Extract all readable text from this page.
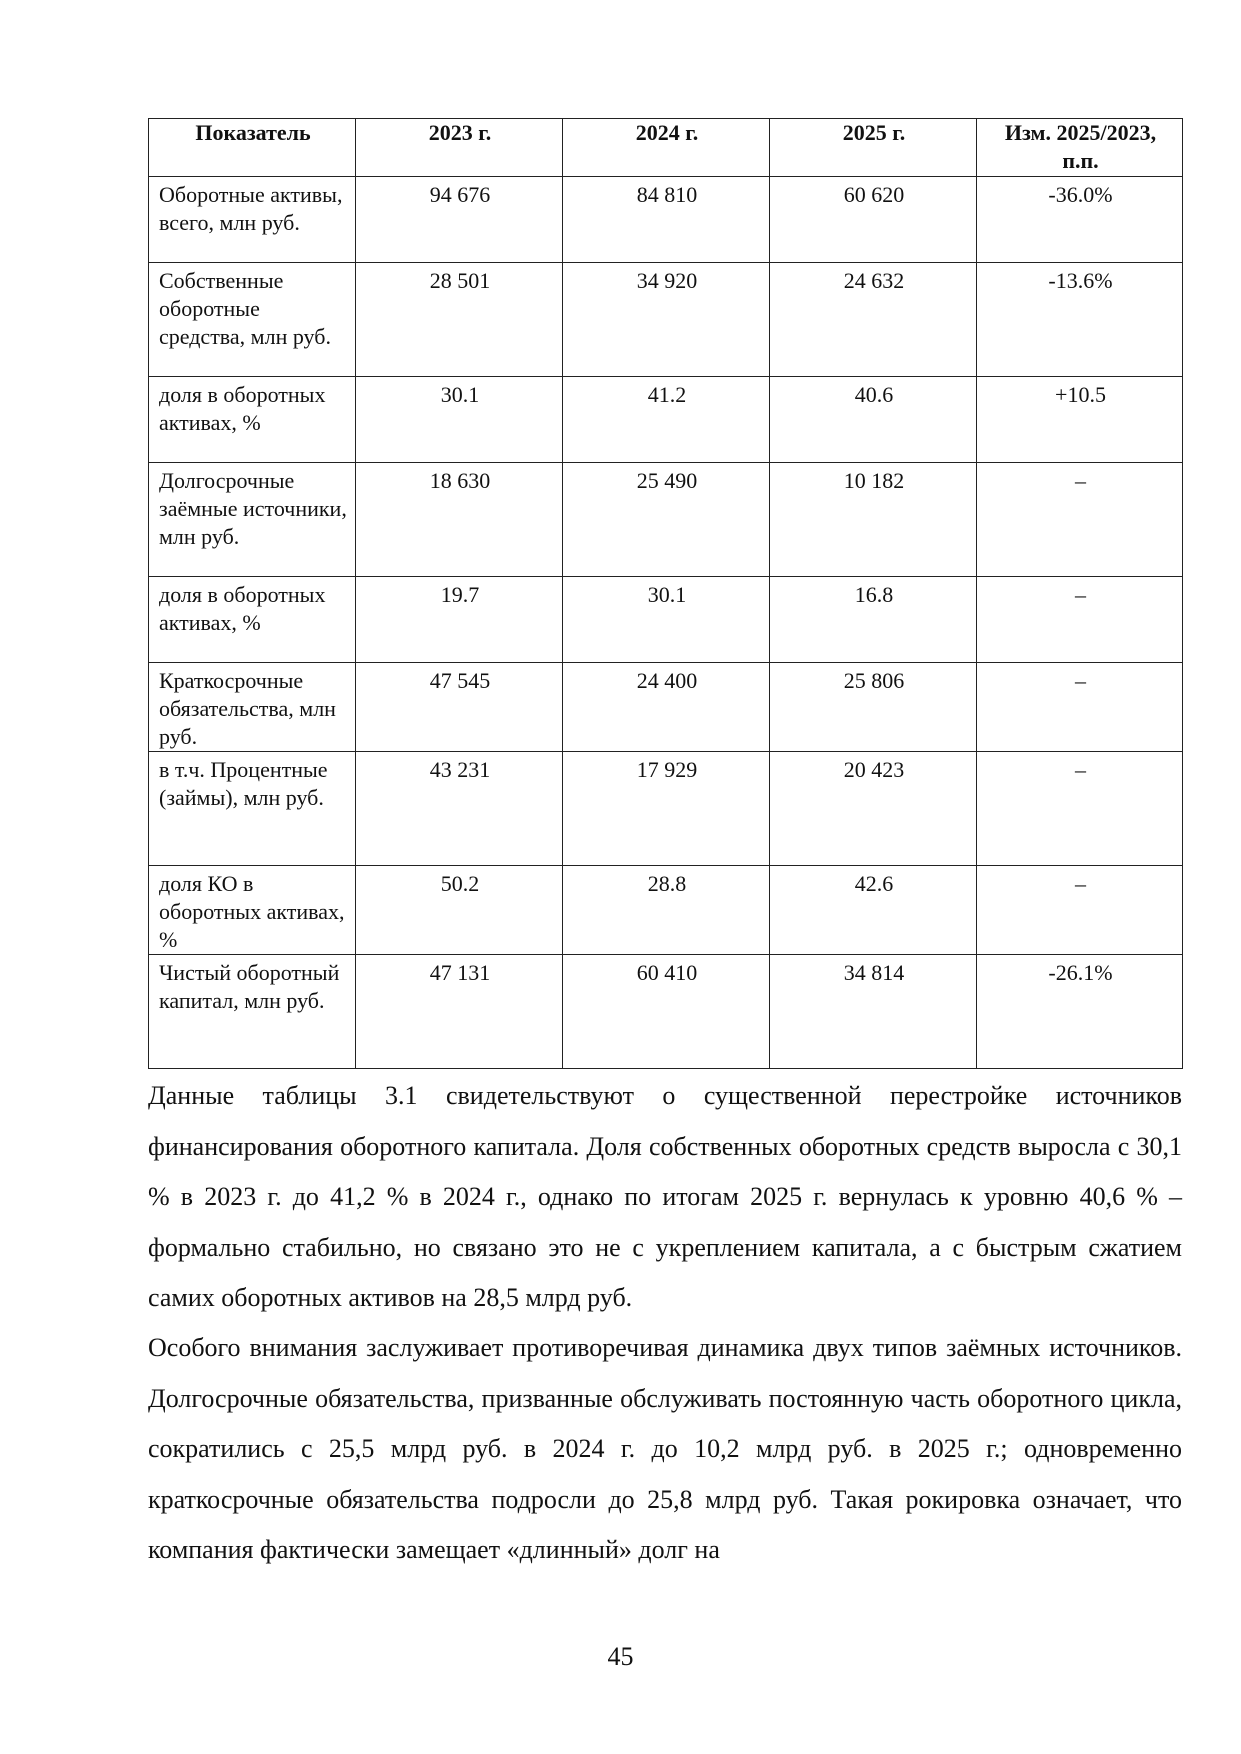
Показатель	2023 г.	2024 г.	2025 г.	Изм. 2025/2023, п.п.
Оборотные активы, всего, млн руб.	94 676	84 810	60 620	-36.0%
Собственные оборотные средства, млн руб.	28 501	34 920	24 632	-13.6%
доля в оборотных активах, %	30.1	41.2	40.6	+10.5
Долгосрочные заёмные источники, млн руб.	18 630	25 490	10 182	–
доля в оборотных активах, %	19.7	30.1	16.8	–
Краткосрочные обязательства, млн руб.	47 545	24 400	25 806	–
в т.ч. Процентные (займы), млн руб.	43 231	17 929	20 423	–
доля КО в оборотных активах, %	50.2	28.8	42.6	–
Чистый оборотный капитал, млн руб.	47 131	60 410	34 814	-26.1%

Данные таблицы 3.1 свидетельствуют о существенной перестройке источников финансирования оборотного капитала. Доля собственных оборотных средств выросла с 30,1 % в 2023 г. до 41,2 % в 2024 г., однако по итогам 2025 г. вернулась к уровню 40,6 % – формально стабильно, но связано это не с укреплением капитала, а с быстрым сжатием самих оборотных активов на 28,5 млрд руб.

Особого внимания заслуживает противоречивая динамика двух типов заёмных источников. Долгосрочные обязательства, призванные обслуживать постоянную часть оборотного цикла, сократились с 25,5 млрд руб. в 2024 г. до 10,2 млрд руб. в 2025 г.; одновременно краткосрочные обязательства подросли до 25,8 млрд руб. Такая рокировка означает, что компания фактически замещает «длинный» долг на

45
